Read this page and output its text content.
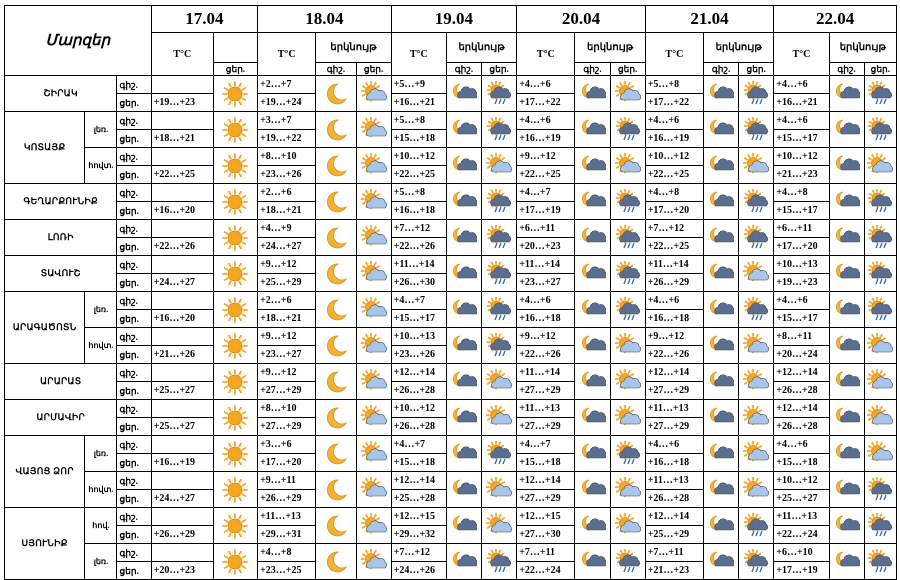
Մարզեր			17.04		18.04			19.04			20.04			21.04			22.04		
			T°C		T°C	երկնույթ		T°C	երկնույթ		T°C	երկնույթ		T°C	երկնույթ		T°C	երկնույթ	
				ցեր.		գիշ.	ցեր.		գիշ.	ցեր.		գիշ.	ցեր.		գիշ.	ցեր.		գիշ.	ցեր.
ՇԻՐԱԿ		գիշ.			+2…+7			+5…+9			+4…+6			+5…+8			+4…+6	

		ցեր.	+19…+23		+19…+24			+16…+21			+17…+22			+17…+22			+16…+21		
ԿՈՏԱՅՔ	լեռ.	գիշ.			+3…+7			+5…+8			+4…+6			+4…+6			+4…+6	

		ցեր.	+18…+21		+19…+22			+15…+18			+16…+19			+16…+19			+15…+17		
	հովտ.	գիշ.			+8…+10			+10…+12			+9…+12			+10…+12			+10…+12	

		ցեր.	+22…+25		+23…+26			+22…+25			+22…+25			+22…+25			+21…+23		
ԳԵՂԱՐՔՈՒՆԻՔ		գիշ.			+2…+6			+5…+8			+4…+7			+4…+8			+4…+8	

		ցեր.	+16…+20		+18…+21			+16…+18			+17…+19			+17…+20			+15…+17		
ԼՈՌԻ		գիշ.			+4…+9			+7…+12			+6…+11			+7…+12			+6…+11	

		ցեր.	+22…+26		+24…+27			+22…+26			+20…+23			+22…+25			+17…+20		
ՏԱՎՈՒՇ		գիշ.			+9…+12			+11…+14			+11…+14			+11…+14			+10…+13	

		ցեր.	+24…+27		+25…+29			+26…+30			+23…+27			+26…+29			+19…+23		
ԱՐԱԳԱԾՈՏՆ	լեռ.	գիշ.			+2…+6			+4…+7			+4…+6			+4…+6			+4…+6	

		ցեր.	+16…+20		+18…+21			+15…+17			+16…+18			+16…+18			+15…+17		
	հովտ.	գիշ.			+9…+12			+10…+13			+9…+12			+9…+12			+8…+11	

		ցեր.	+21…+26		+23…+27			+23…+26			+22…+26			+22…+26			+20…+24		
ԱՐԱՐԱՏ		գիշ.			+9…+12			+12…+14			+11…+14			+12…+14			+12…+14	

		ցեր.	+25…+27		+27…+29			+26…+28			+27…+29			+27…+29			+26…+28		
ԱՐՄԱՎԻՐ		գիշ.			+8…+10			+10…+12			+11…+13			+11…+13			+12…+14	

		ցեր.	+25…+27		+27…+29			+26…+28			+27…+29			+27…+29			+26…+28		
ՎԱՅՈՑ ՁՈՐ	լեռ.	գիշ.			+3…+6			+4…+7			+4…+7			+4…+6			+4…+6	

		ցեր.	+16…+19		+17…+20			+15…+18			+15…+18			+16…+18			+15…+18		
	հովտ.	գիշ.			+9…+11			+12…+14			+12…+14			+11…+13			+10…+12	

		ցեր.	+24…+27		+26…+29			+25…+28			+27…+29			+26…+28			+25…+27		
ՍՅՈՒՆԻՔ	հով.	գիշ.			+11…+13			+12…+15			+12…+15			+12…+14			+11…+13	

		ցեր.	+26…+29		+29…+31			+29…+32			+27…+30			+25…+29			+22…+24		
	լեռ.	գիշ.			+4…+8			+7…+12			+7…+11			+7…+11			+6…+10	

		ցեր.	+20…+23		+23…+25			+24…+26			+22…+24			+21…+23			+17…+19		
